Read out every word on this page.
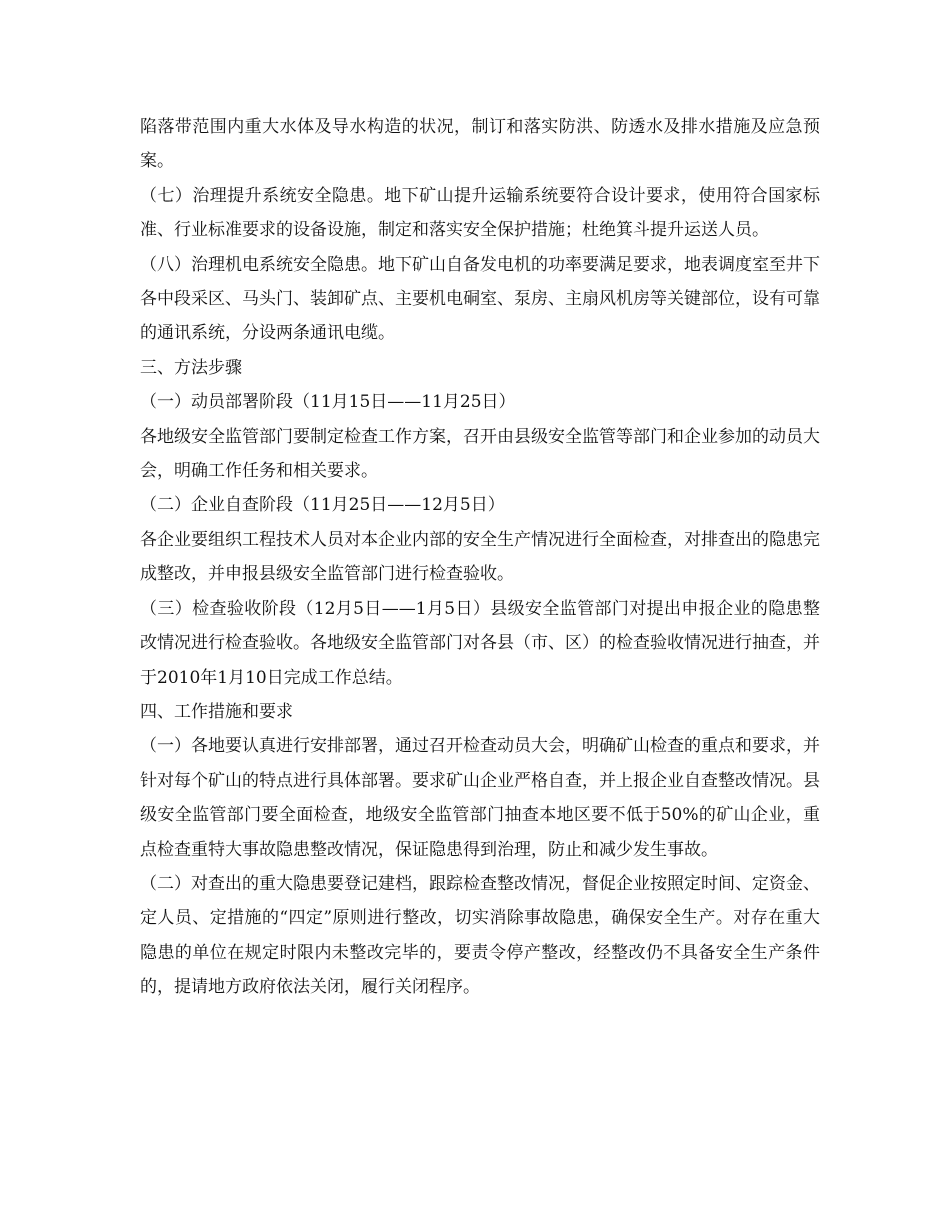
陷落带范围内重大水体及导水构造的状况，制订和落实防洪、防透水及排水措施及应急预案。

（七）治理提升系统安全隐患。地下矿山提升运输系统要符合设计要求，使用符合国家标准、行业标准要求的设备设施，制定和落实安全保护措施；杜绝箕斗提升运送人员。

（八）治理机电系统安全隐患。地下矿山自备发电机的功率要满足要求，地表调度室至井下各中段采区、马头门、装卸矿点、主要机电硐室、泵房、主扇风机房等关键部位，设有可靠的通讯系统，分设两条通讯电缆。

三、方法步骤

（一）动员部署阶段（11月15日——11月25日）

各地级安全监管部门要制定检查工作方案，召开由县级安全监管等部门和企业参加的动员大会，明确工作任务和相关要求。

（二）企业自查阶段（11月25日——12月5日）

各企业要组织工程技术人员对本企业内部的安全生产情况进行全面检查，对排查出的隐患完成整改，并申报县级安全监管部门进行检查验收。

（三）检查验收阶段（12月5日——1月5日）县级安全监管部门对提出申报企业的隐患整改情况进行检查验收。各地级安全监管部门对各县（市、区）的检查验收情况进行抽查，并于2010年1月10日完成工作总结。

四、工作措施和要求

（一）各地要认真进行安排部署，通过召开检查动员大会，明确矿山检查的重点和要求，并针对每个矿山的特点进行具体部署。要求矿山企业严格自查，并上报企业自查整改情况。县级安全监管部门要全面检查，地级安全监管部门抽查本地区要不低于50%的矿山企业，重点检查重特大事故隐患整改情况，保证隐患得到治理，防止和减少发生事故。

（二）对查出的重大隐患要登记建档，跟踪检查整改情况，督促企业按照定时间、定资金、定人员、定措施的“四定”原则进行整改，切实消除事故隐患，确保安全生产。对存在重大隐患的单位在规定时限内未整改完毕的，要责令停产整改，经整改仍不具备安全生产条件的，提请地方政府依法关闭，履行关闭程序。
